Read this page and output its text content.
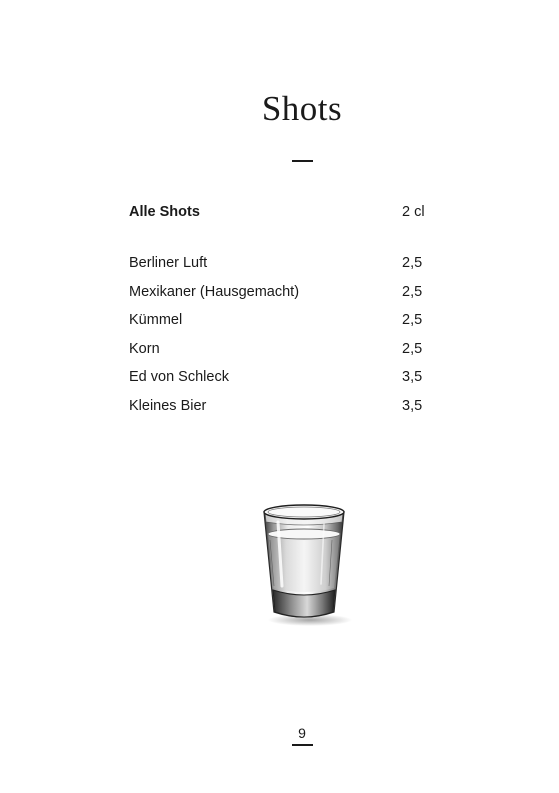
Shots
Alle Shots	2 cl
Berliner Luft	2,5
Mexikaner (Hausgemacht)	2,5
Kümmel	2,5
Korn	2,5
Ed von Schleck	3,5
Kleines Bier	3,5
9
